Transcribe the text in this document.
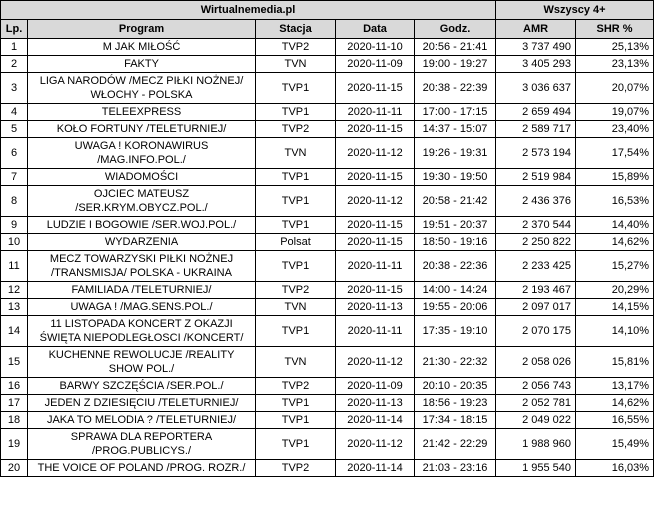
Wirtualnemedia.pl					Wszyscy 4+	
Lp.	Program	Stacja	Data	Godz.	AMR	SHR %
1	M JAK MIŁOŚĆ	TVP2	2020-11-10	20:56 - 21:41	3 737 490	25,13%
2	FAKTY	TVN	2020-11-09	19:00 - 19:27	3 405 293	23,13%
3	LIGA NARODÓW /MECZ PIŁKI NOŻNEJ/
WŁOCHY - POLSKA	TVP1	2020-11-15	20:38 - 22:39	3 036 637	20,07%
4	TELEEXPRESS	TVP1	2020-11-11	17:00 - 17:15	2 659 494	19,07%
5	KOŁO FORTUNY /TELETURNIEJ/	TVP2	2020-11-15	14:37 - 15:07	2 589 717	23,40%
6	UWAGA ! KORONAWIRUS
/MAG.INFO.POL./	TVN	2020-11-12	19:26 - 19:31	2 573 194	17,54%
7	WIADOMOŚCI	TVP1	2020-11-15	19:30 - 19:50	2 519 984	15,89%
8	OJCIEC MATEUSZ
/SER.KRYM.OBYCZ.POL./	TVP1	2020-11-12	20:58 - 21:42	2 436 376	16,53%
9	LUDZIE I BOGOWIE /SER.WOJ.POL./	TVP1	2020-11-15	19:51 - 20:37	2 370 544	14,40%
10	WYDARZENIA	Polsat	2020-11-15	18:50 - 19:16	2 250 822	14,62%
11	MECZ TOWARZYSKI PIŁKI NOŻNEJ
/TRANSMISJA/ POLSKA - UKRAINA	TVP1	2020-11-11	20:38 - 22:36	2 233 425	15,27%
12	FAMILIADA /TELETURNIEJ/	TVP2	2020-11-15	14:00 - 14:24	2 193 467	20,29%
13	UWAGA ! /MAG.SENS.POL./	TVN	2020-11-13	19:55 - 20:06	2 097 017	14,15%
14	11 LISTOPADA KONCERT Z OKAZJI
ŚWIĘTA NIEPODLEGŁOSCI /KONCERT/	TVP1	2020-11-11	17:35 - 19:10	2 070 175	14,10%
15	KUCHENNE REWOLUCJE /REALITY
SHOW POL./	TVN	2020-11-12	21:30 - 22:32	2 058 026	15,81%
16	BARWY SZCZĘŚCIA /SER.POL./	TVP2	2020-11-09	20:10 - 20:35	2 056 743	13,17%
17	JEDEN Z DZIESIĘCIU /TELETURNIEJ/	TVP1	2020-11-13	18:56 - 19:23	2 052 781	14,62%
18	JAKA TO MELODIA ? /TELETURNIEJ/	TVP1	2020-11-14	17:34 - 18:15	2 049 022	16,55%
19	SPRAWA DLA REPORTERA
/PROG.PUBLICYS./	TVP1	2020-11-12	21:42 - 22:29	1 988 960	15,49%
20	THE VOICE OF POLAND /PROG. ROZR./	TVP2	2020-11-14	21:03 - 23:16	1 955 540	16,03%
